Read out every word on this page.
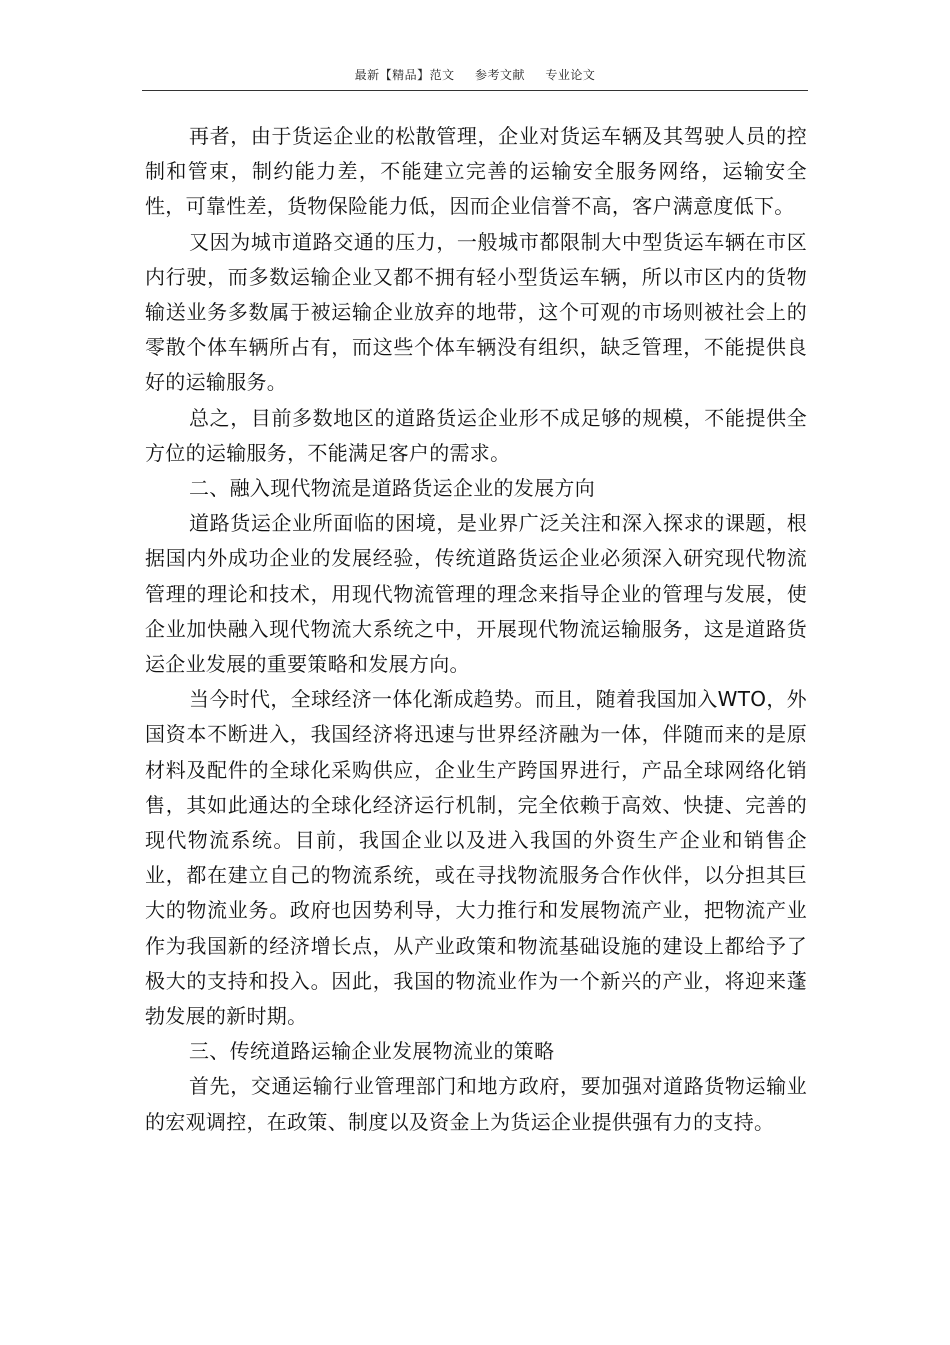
最新【精品】范文 参考文献 专业论文

再者，由于货运企业的松散管理，企业对货运车辆及其驾驶人员的控制和管束，制约能力差，不能建立完善的运输安全服务网络，运输安全性，可靠性差，货物保险能力低，因而企业信誉不高，客户满意度低下。

又因为城市道路交通的压力，一般城市都限制大中型货运车辆在市区内行驶，而多数运输企业又都不拥有轻小型货运车辆，所以市区内的货物输送业务多数属于被运输企业放弃的地带，这个可观的市场则被社会上的零散个体车辆所占有，而这些个体车辆没有组织，缺乏管理，不能提供良好的运输服务。

总之，目前多数地区的道路货运企业形不成足够的规模，不能提供全方位的运输服务，不能满足客户的需求。

二、融入现代物流是道路货运企业的发展方向

道路货运企业所面临的困境，是业界广泛关注和深入探求的课题，根据国内外成功企业的发展经验，传统道路货运企业必须深入研究现代物流管理的理论和技术，用现代物流管理的理念来指导企业的管理与发展，使企业加快融入现代物流大系统之中，开展现代物流运输服务，这是道路货运企业发展的重要策略和发展方向。

当今时代，全球经济一体化渐成趋势。而且，随着我国加入WTO，外国资本不断进入，我国经济将迅速与世界经济融为一体，伴随而来的是原材料及配件的全球化采购供应，企业生产跨国界进行，产品全球网络化销售，其如此通达的全球化经济运行机制，完全依赖于高效、快捷、完善的现代物流系统。目前，我国企业以及进入我国的外资生产企业和销售企业，都在建立自己的物流系统，或在寻找物流服务合作伙伴，以分担其巨大的物流业务。政府也因势利导，大力推行和发展物流产业，把物流产业作为我国新的经济增长点，从产业政策和物流基础设施的建设上都给予了极大的支持和投入。因此，我国的物流业作为一个新兴的产业，将迎来蓬勃发展的新时期。

三、传统道路运输企业发展物流业的策略

首先，交通运输行业管理部门和地方政府，要加强对道路货物运输业的宏观调控，在政策、制度以及资金上为货运企业提供强有力的支持。
